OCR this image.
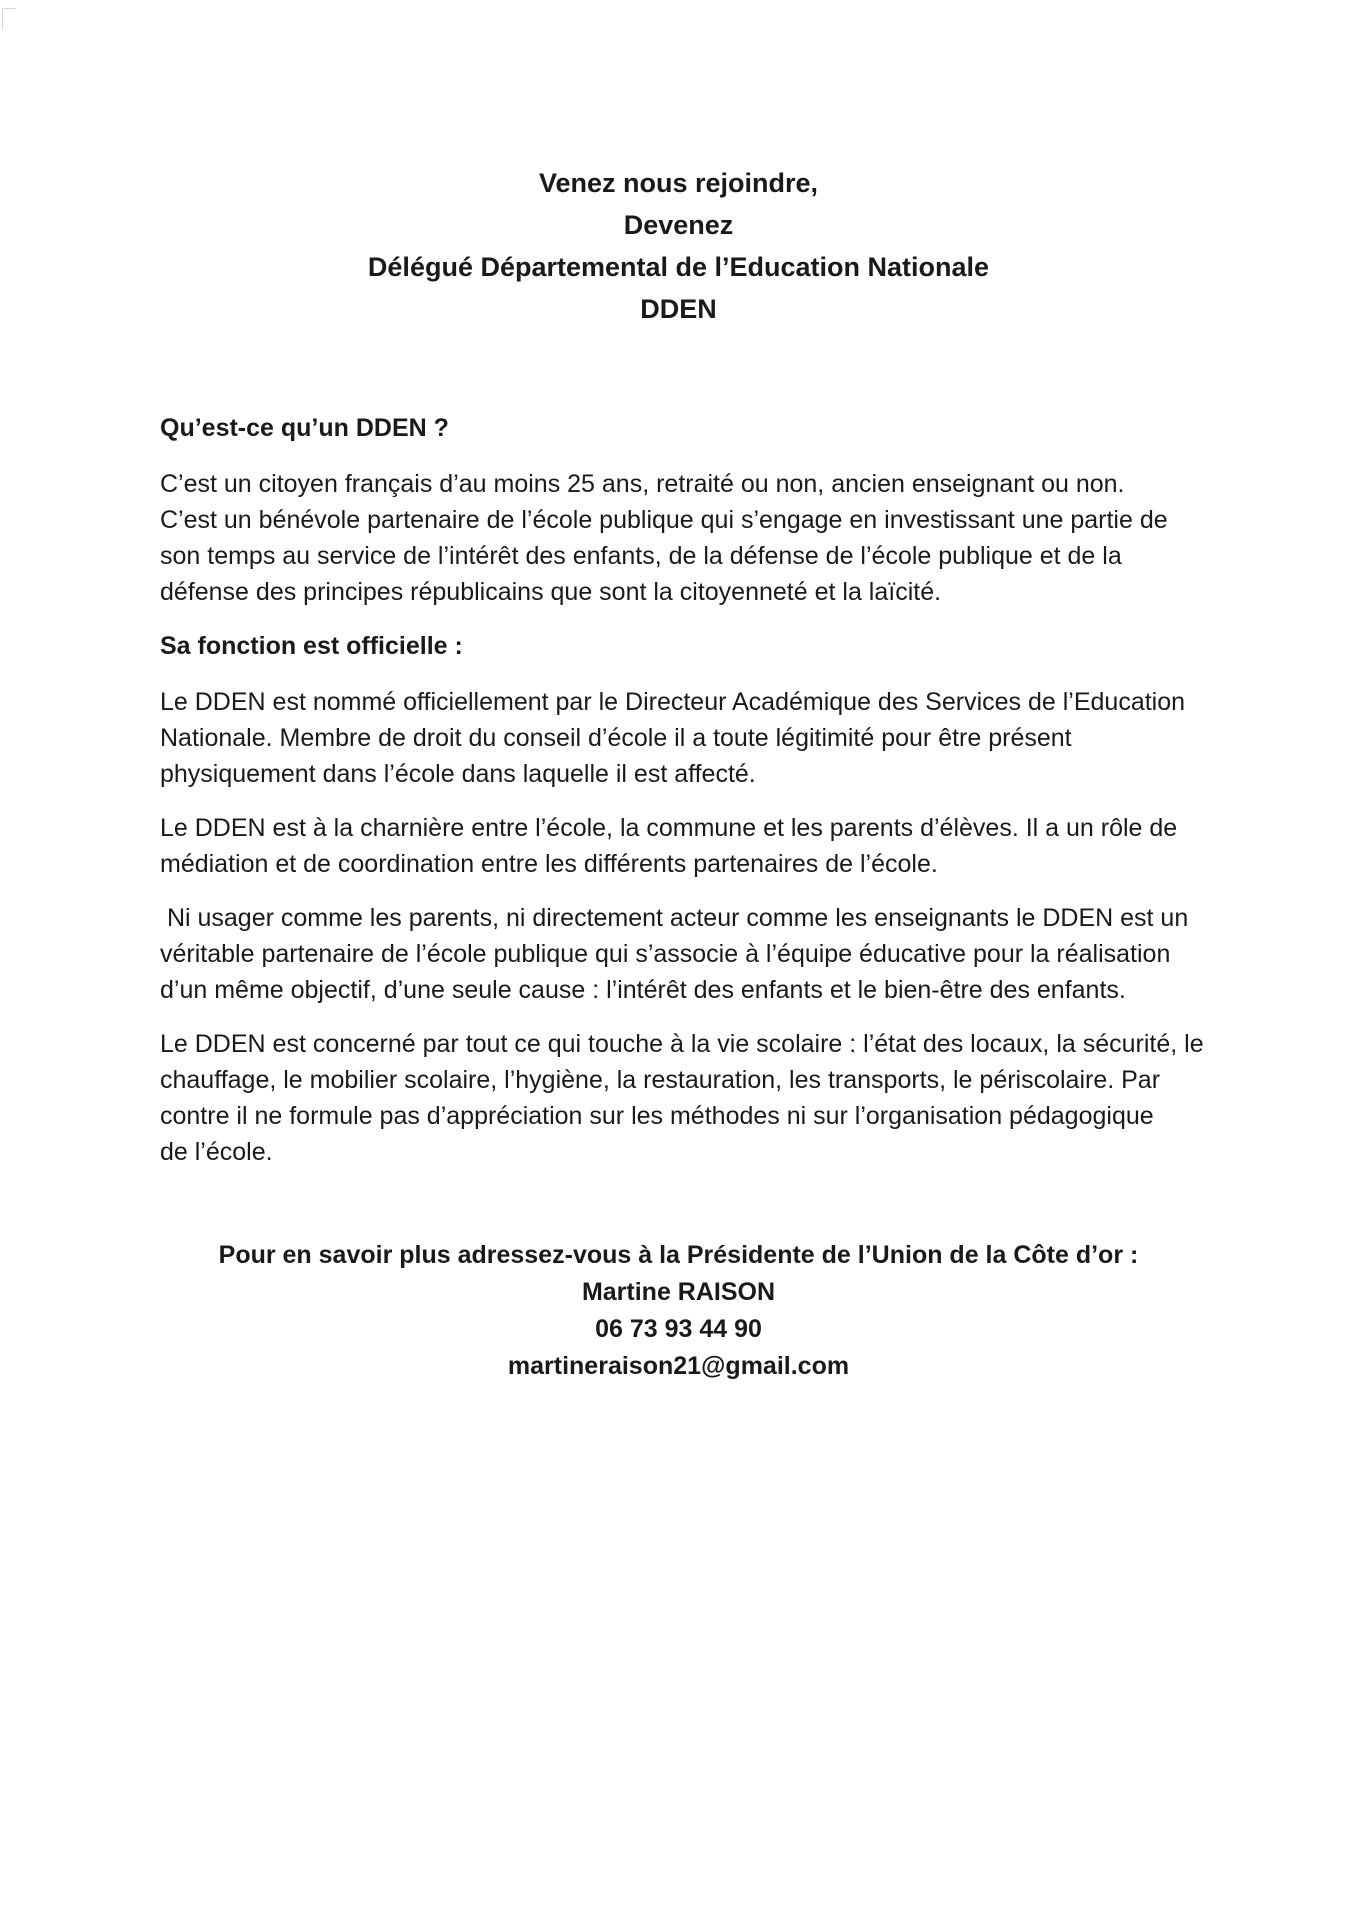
Venez nous rejoindre,
Devenez
Délégué Départemental de l’Education Nationale
DDEN

Qu’est-ce qu’un DDEN ?

C’est un citoyen français d’au moins 25 ans, retraité ou non, ancien enseignant ou non.

C’est un bénévole partenaire de l’école publique qui s’engage en investissant une partie de

son temps au service de l’intérêt des enfants, de la défense de l’école publique et de la

défense des principes républicains que sont la citoyenneté et la laïcité.

Sa fonction est officielle :

Le DDEN est nommé officiellement par le Directeur Académique des Services de l’Education

Nationale. Membre de droit du conseil d’école il a toute légitimité pour être présent

physiquement dans l’école dans laquelle il est affecté.

Le DDEN est à la charnière entre l’école, la commune et les parents d’élèves. Il a un rôle de

médiation et de coordination entre les différents partenaires de l’école.

Ni usager comme les parents, ni directement acteur comme les enseignants le DDEN est un

véritable partenaire de l’école publique qui s’associe à l’équipe éducative pour la réalisation

d’un même objectif, d’une seule cause : l’intérêt des enfants et le bien-être des enfants.

Le DDEN est concerné par tout ce qui touche à la vie scolaire : l’état des locaux, la sécurité, le

chauffage, le mobilier scolaire, l’hygiène, la restauration, les transports, le périscolaire. Par

contre il ne formule pas d’appréciation sur les méthodes ni sur l’organisation pédagogique

de l’école.

Pour en savoir plus adressez-vous à la Présidente de l’Union de la Côte d’or :
Martine RAISON
06 73 93 44 90
martineraison21@gmail.com
